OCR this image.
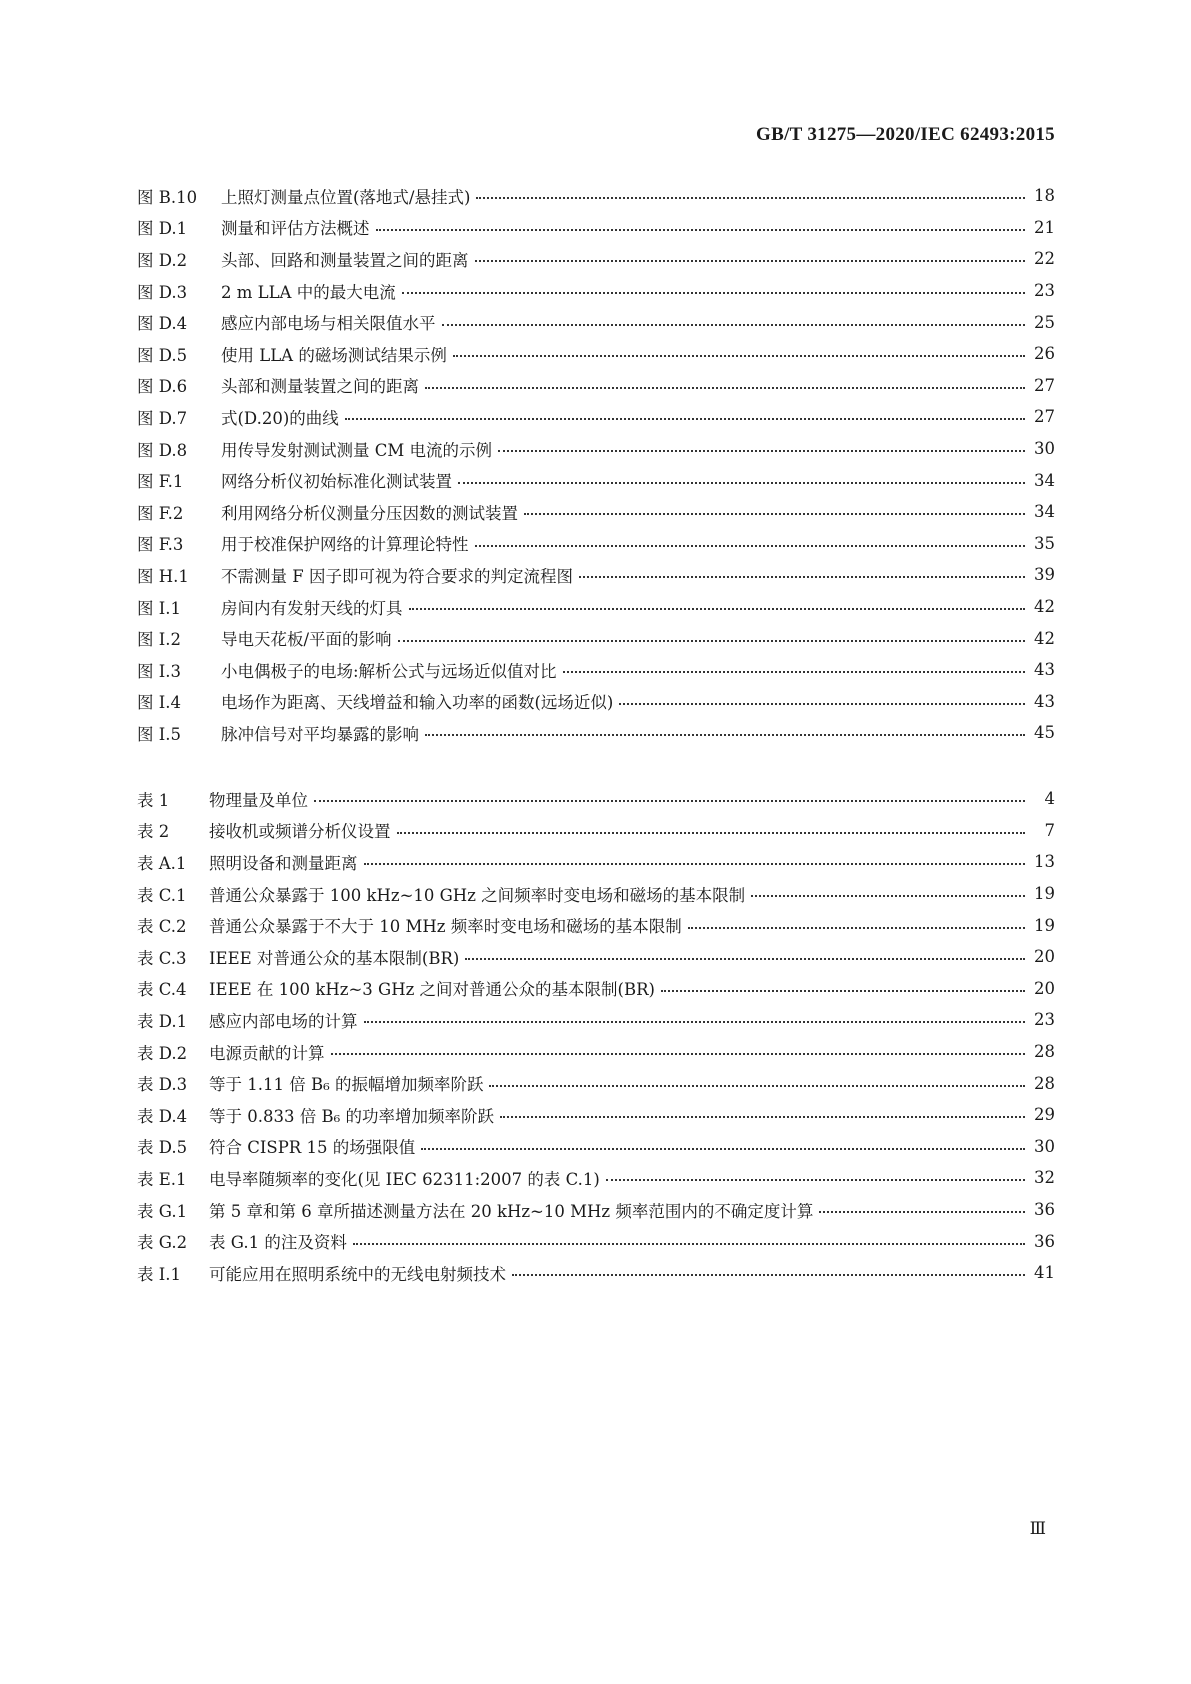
GB/T 31275—2020/IEC 62493:2015
图 B.10	上照灯测量点位置(落地式/悬挂式)	18
图 D.1	测量和评估方法概述	21
图 D.2	头部、回路和测量装置之间的距离	22
图 D.3	2 m LLA 中的最大电流	23
图 D.4	感应内部电场与相关限值水平	25
图 D.5	使用 LLA 的磁场测试结果示例	26
图 D.6	头部和测量装置之间的距离	27
图 D.7	式(D.20)的曲线	27
图 D.8	用传导发射测试测量 CM 电流的示例	30
图 F.1	网络分析仪初始标准化测试装置	34
图 F.2	利用网络分析仪测量分压因数的测试装置	34
图 F.3	用于校准保护网络的计算理论特性	35
图 H.1	不需测量 F 因子即可视为符合要求的判定流程图	39
图 I.1	房间内有发射天线的灯具	42
图 I.2	导电天花板/平面的影响	42
图 I.3	小电偶极子的电场:解析公式与远场近似值对比	43
图 I.4	电场作为距离、天线增益和输入功率的函数(远场近似)	43
图 I.5	脉冲信号对平均暴露的影响	45
表 1	物理量及单位	4
表 2	接收机或频谱分析仪设置	7
表 A.1	照明设备和测量距离	13
表 C.1	普通公众暴露于 100 kHz~10 GHz 之间频率时变电场和磁场的基本限制	19
表 C.2	普通公众暴露于不大于 10 MHz 频率时变电场和磁场的基本限制	19
表 C.3	IEEE 对普通公众的基本限制(BR)	20
表 C.4	IEEE 在 100 kHz~3 GHz 之间对普通公众的基本限制(BR)	20
表 D.1	感应内部电场的计算	23
表 D.2	电源贡献的计算	28
表 D.3	等于 1.11 倍 B₆ 的振幅增加频率阶跃	28
表 D.4	等于 0.833 倍 B₆ 的功率增加频率阶跃	29
表 D.5	符合 CISPR 15 的场强限值	30
表 E.1	电导率随频率的变化(见 IEC 62311:2007 的表 C.1)	32
表 G.1	第 5 章和第 6 章所描述测量方法在 20 kHz~10 MHz 频率范围内的不确定度计算	36
表 G.2	表 G.1 的注及资料	36
表 I.1	可能应用在照明系统中的无线电射频技术	41
Ⅲ
